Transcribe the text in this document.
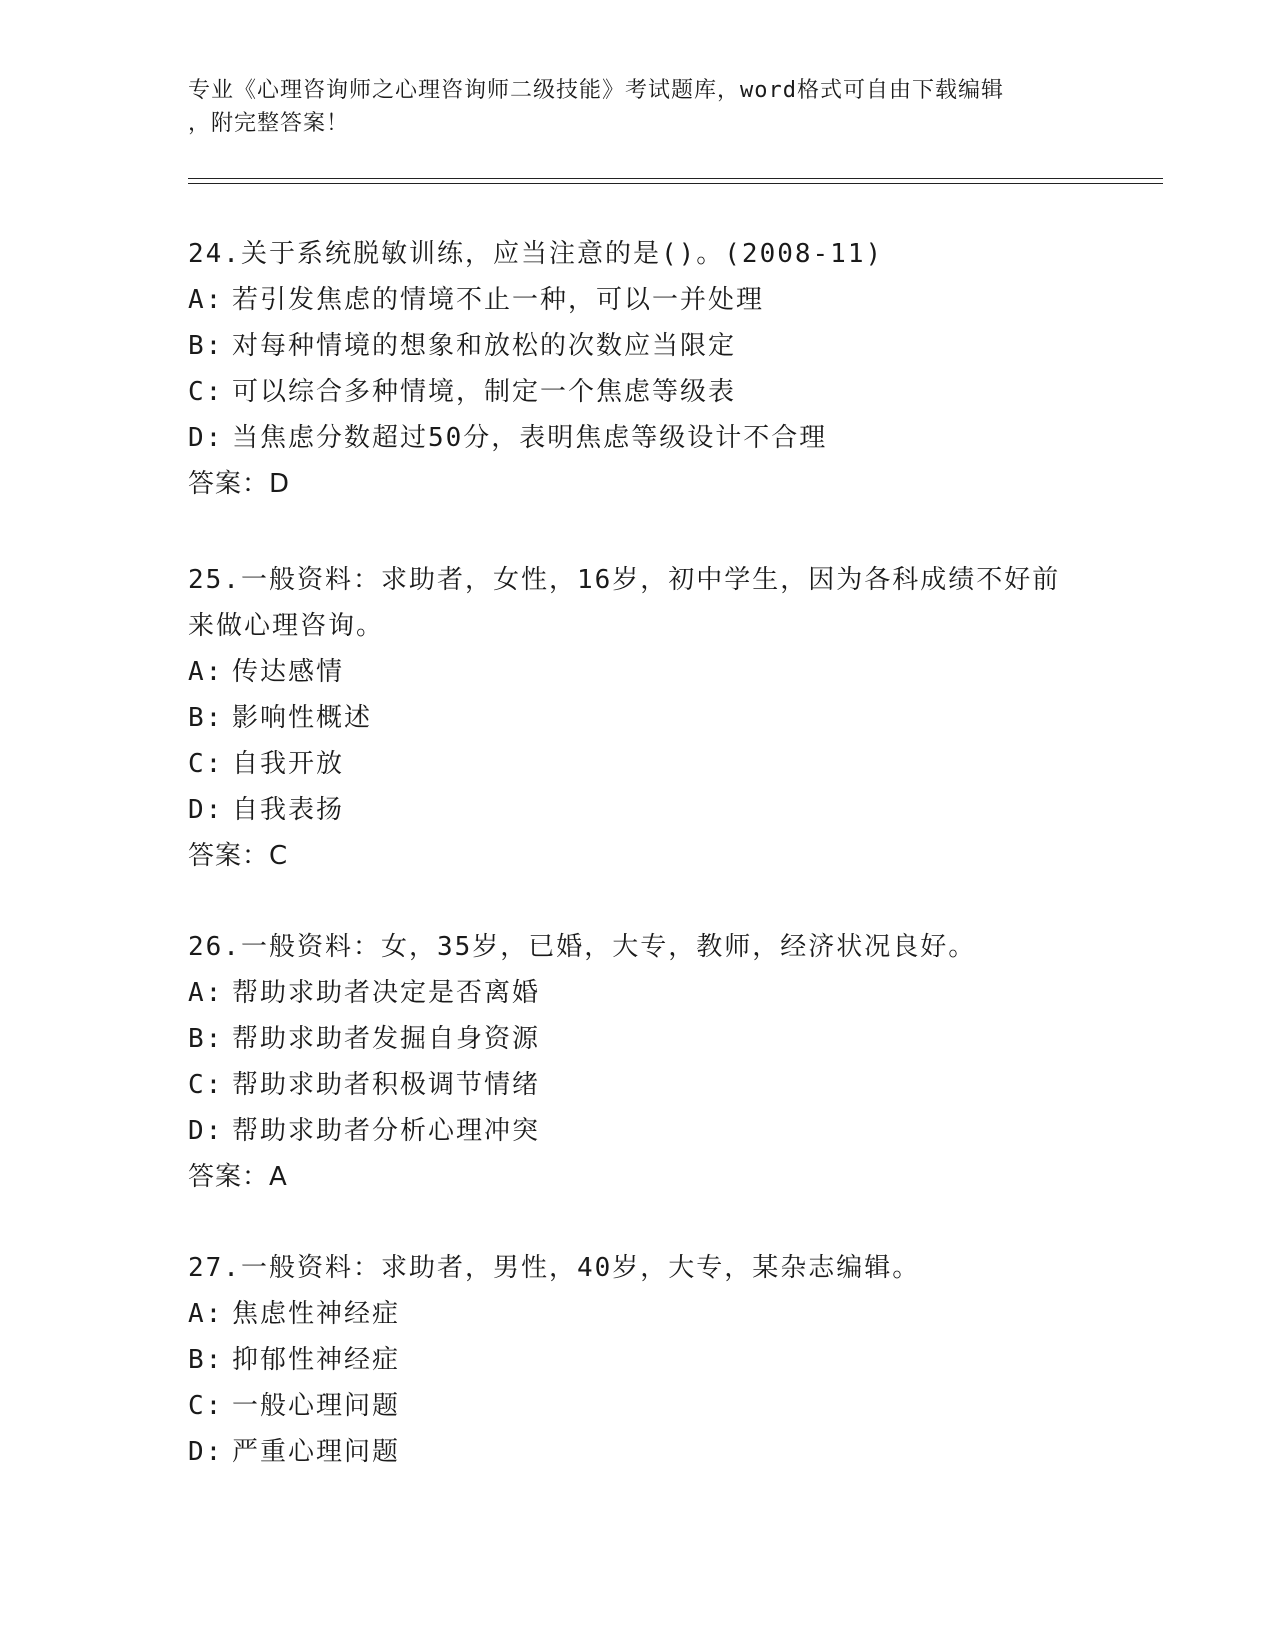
专业《心理咨询师之心理咨询师二级技能》考试题库，word格式可自由下载编辑
，附完整答案！
24.关于系统脱敏训练，应当注意的是()。(2008-11)
A: 若引发焦虑的情境不止一种，可以一并处理
B: 对每种情境的想象和放松的次数应当限定
C: 可以综合多种情境，制定一个焦虑等级表
D: 当焦虑分数超过50分，表明焦虑等级设计不合理
答案：D
25.一般资料：求助者，女性，16岁，初中学生，因为各科成绩不好前
来做心理咨询。
A: 传达感情
B: 影响性概述
C: 自我开放
D: 自我表扬
答案：C
26.一般资料：女，35岁，已婚，大专，教师，经济状况良好。
A: 帮助求助者决定是否离婚
B: 帮助求助者发掘自身资源
C: 帮助求助者积极调节情绪
D: 帮助求助者分析心理冲突
答案：A
27.一般资料：求助者，男性，40岁，大专，某杂志编辑。
A: 焦虑性神经症
B: 抑郁性神经症
C: 一般心理问题
D: 严重心理问题
